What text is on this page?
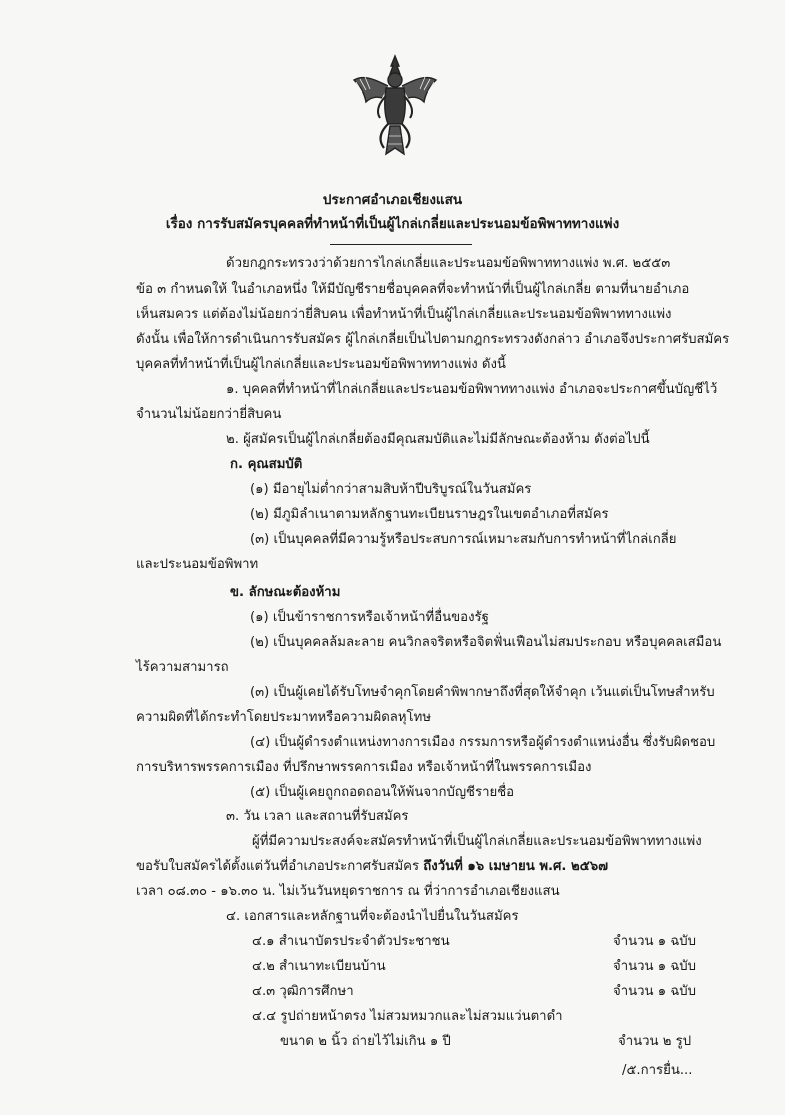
ประกาศอำเภอเชียงแสน
เรื่อง การรับสมัครบุคคลที่ทำหน้าที่เป็นผู้ไกล่เกลี่ยและประนอมข้อพิพาททางแพ่ง
ด้วยกฎกระทรวงว่าด้วยการไกล่เกลี่ยและประนอมข้อพิพาททางแพ่ง พ.ศ. ๒๕๕๓
ข้อ ๓ กำหนดให้ ในอำเภอหนึ่ง ให้มีบัญชีรายชื่อบุคคลที่จะทำหน้าที่เป็นผู้ไกล่เกลี่ย ตามที่นายอำเภอ
เห็นสมควร แต่ต้องไม่น้อยกว่ายี่สิบคน เพื่อทำหน้าที่เป็นผู้ไกล่เกลี่ยและประนอมข้อพิพาททางแพ่ง
ดังนั้น เพื่อให้การดำเนินการรับสมัคร ผู้ไกล่เกลี่ยเป็นไปตามกฎกระทรวงดังกล่าว อำเภอจึงประกาศรับสมัคร
บุคคลที่ทำหน้าที่เป็นผู้ไกล่เกลี่ยและประนอมข้อพิพาททางแพ่ง ดังนี้
๑. บุคคลที่ทำหน้าที่ไกล่เกลี่ยและประนอมข้อพิพาททางแพ่ง อำเภอจะประกาศขึ้นบัญชีไว้
จำนวนไม่น้อยกว่ายี่สิบคน
๒. ผู้สมัครเป็นผู้ไกล่เกลี่ยต้องมีคุณสมบัติและไม่มีลักษณะต้องห้าม ดังต่อไปนี้
ก. คุณสมบัติ
(๑) มีอายุไม่ต่ำกว่าสามสิบห้าปีบริบูรณ์ในวันสมัคร
(๒) มีภูมิลำเนาตามหลักฐานทะเบียนราษฎรในเขตอำเภอที่สมัคร
(๓) เป็นบุคคลที่มีความรู้หรือประสบการณ์เหมาะสมกับการทำหน้าที่ไกล่เกลี่ย
และประนอมข้อพิพาท
ข. ลักษณะต้องห้าม
(๑) เป็นข้าราชการหรือเจ้าหน้าที่อื่นของรัฐ
(๒) เป็นบุคคลล้มละลาย คนวิกลจริตหรือจิตฟั่นเฟือนไม่สมประกอบ หรือบุคคลเสมือน
ไร้ความสามารถ
(๓) เป็นผู้เคยได้รับโทษจำคุกโดยคำพิพากษาถึงที่สุดให้จำคุก เว้นแต่เป็นโทษสำหรับ
ความผิดที่ได้กระทำโดยประมาทหรือความผิดลหุโทษ
(๔) เป็นผู้ดำรงตำแหน่งทางการเมือง กรรมการหรือผู้ดำรงตำแหน่งอื่น ซึ่งรับผิดชอบ
การบริหารพรรคการเมือง ที่ปรึกษาพรรคการเมือง หรือเจ้าหน้าที่ในพรรคการเมือง
(๕) เป็นผู้เคยถูกถอดถอนให้พ้นจากบัญชีรายชื่อ
๓. วัน เวลา และสถานที่รับสมัคร
ผู้ที่มีความประสงค์จะสมัครทำหน้าที่เป็นผู้ไกล่เกลี่ยและประนอมข้อพิพาททางแพ่ง
ขอรับใบสมัครได้ตั้งแต่วันที่อำเภอประกาศรับสมัคร ถึงวันที่ ๑๖ เมษายน พ.ศ. ๒๕๖๗
เวลา ๐๘.๓๐ - ๑๖.๓๐ น. ไม่เว้นวันหยุดราชการ ณ ที่ว่าการอำเภอเชียงแสน
๔. เอกสารและหลักฐานที่จะต้องนำไปยื่นในวันสมัคร
๔.๑ สำเนาบัตรประจำตัวประชาชน	จำนวน ๑ ฉบับ
๔.๒ สำเนาทะเบียนบ้าน	จำนวน ๑ ฉบับ
๔.๓ วุฒิการศึกษา	จำนวน ๑ ฉบับ
๔.๔ รูปถ่ายหน้าตรง ไม่สวมหมวกและไม่สวมแว่นตาดำ
ขนาด ๒ นิ้ว ถ่ายไว้ไม่เกิน ๑ ปี	จำนวน ๒ รูป
/๕.การยื่น...
